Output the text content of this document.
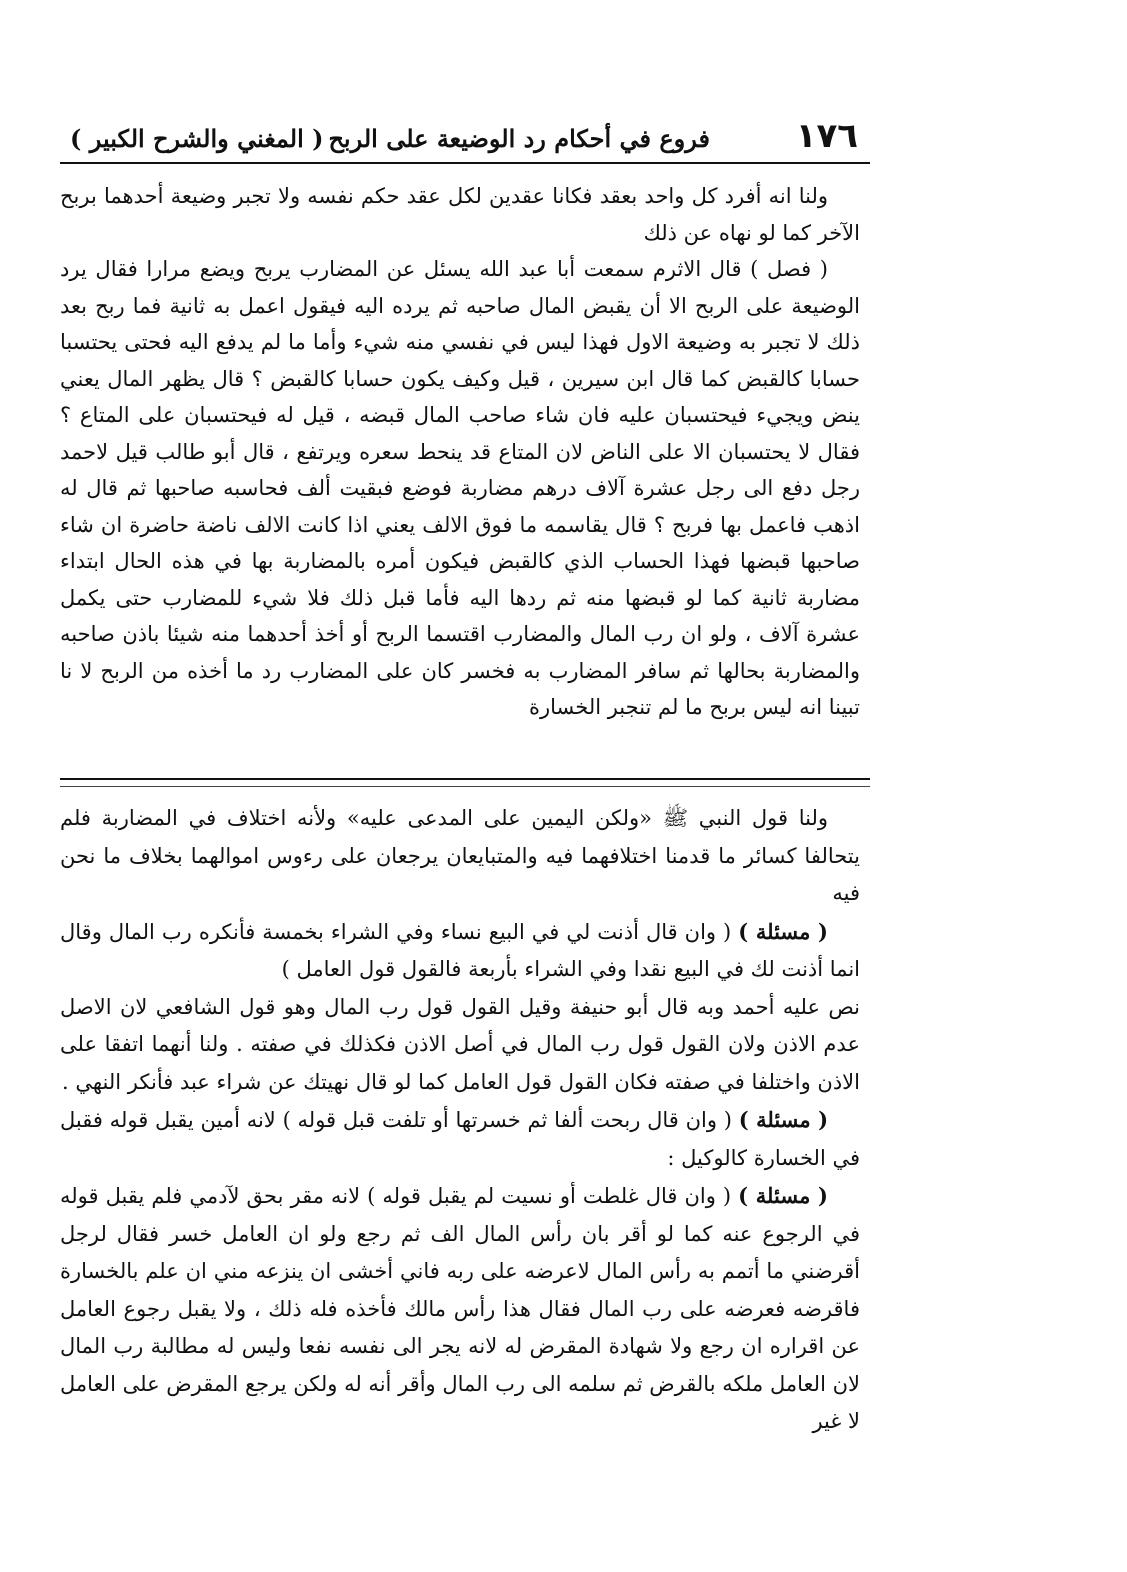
١٧٦
فروع في أحكام رد الوضيعة على الربح
( المغني والشرح الكبير )

ولنا انه أفرد كل واحد بعقد فكانا عقدين لكل عقد حكم نفسه ولا تجبر وضيعة أحدهما بربح الآخر كما لو نهاه عن ذلك

( فصل ) قال الاثرم سمعت أبا عبد الله يسئل عن المضارب يربح ويضع مرارا فقال يرد الوضيعة على الربح الا أن يقبض المال صاحبه ثم يرده اليه فيقول اعمل به ثانية فما ربح بعد ذلك لا تجبر به وضيعة الاول فهذا ليس في نفسي منه شيء وأما ما لم يدفع اليه فحتى يحتسبا حسابا كالقبض كما قال ابن سيرين ، قيل وكيف يكون حسابا كالقبض ؟ قال يظهر المال يعني ينض ويجيء فيحتسبان عليه فان شاء صاحب المال قبضه ، قيل له فيحتسبان على المتاع ؟ فقال لا يحتسبان الا على الناض لان المتاع قد ينحط سعره ويرتفع ، قال أبو طالب قيل لاحمد رجل دفع الى رجل عشرة آلاف درهم مضاربة فوضع فبقيت ألف فحاسبه صاحبها ثم قال له اذهب فاعمل بها فربح ؟ قال يقاسمه ما فوق الالف يعني اذا كانت الالف ناضة حاضرة ان شاء صاحبها قبضها فهذا الحساب الذي كالقبض فيكون أمره بالمضاربة بها في هذه الحال ابتداء مضاربة ثانية كما لو قبضها منه ثم ردها اليه فأما قبل ذلك فلا شيء للمضارب حتى يكمل عشرة آلاف ، ولو ان رب المال والمضارب اقتسما الربح أو أخذ أحدهما منه شيئا باذن صاحبه والمضاربة بحالها ثم سافر المضارب به فخسر كان على المضارب رد ما أخذه من الربح لا نا تبينا انه ليس بربح ما لم تنجبر الخسارة

ولنا قول النبي ﷺ «ولكن اليمين على المدعى عليه» ولأنه اختلاف في المضاربة فلم يتحالفا كسائر ما قدمنا اختلافهما فيه والمتبايعان يرجعان على رءوس اموالهما بخلاف ما نحن فيه

( مسئلة ) ( وان قال أذنت لي في البيع نساء وفي الشراء بخمسة فأنكره رب المال وقال انما أذنت لك في البيع نقدا وفي الشراء بأربعة فالقول قول العامل )

نص عليه أحمد وبه قال أبو حنيفة وقيل القول قول رب المال وهو قول الشافعي لان الاصل عدم الاذن ولان القول قول رب المال في أصل الاذن فكذلك في صفته . ولنا أنهما اتفقا على الاذن واختلفا في صفته فكان القول قول العامل كما لو قال نهيتك عن شراء عبد فأنكر النهي .

( مسئلة ) ( وان قال ربحت ألفا ثم خسرتها أو تلفت قبل قوله ) لانه أمين يقبل قوله فقبل في الخسارة كالوكيل :

( مسئلة ) ( وان قال غلطت أو نسيت لم يقبل قوله ) لانه مقر بحق لآدمي فلم يقبل قوله في الرجوع عنه كما لو أقر بان رأس المال الف ثم رجع ولو ان العامل خسر فقال لرجل أقرضني ما أتمم به رأس المال لاعرضه على ربه فاني أخشى ان ينزعه مني ان علم بالخسارة فاقرضه فعرضه على رب المال فقال هذا رأس مالك فأخذه فله ذلك ، ولا يقبل رجوع العامل عن اقراره ان رجع ولا شهادة المقرض له لانه يجر الى نفسه نفعا وليس له مطالبة رب المال لان العامل ملكه بالقرض ثم سلمه الى رب المال وأقر أنه له ولكن يرجع المقرض على العامل لا غير
